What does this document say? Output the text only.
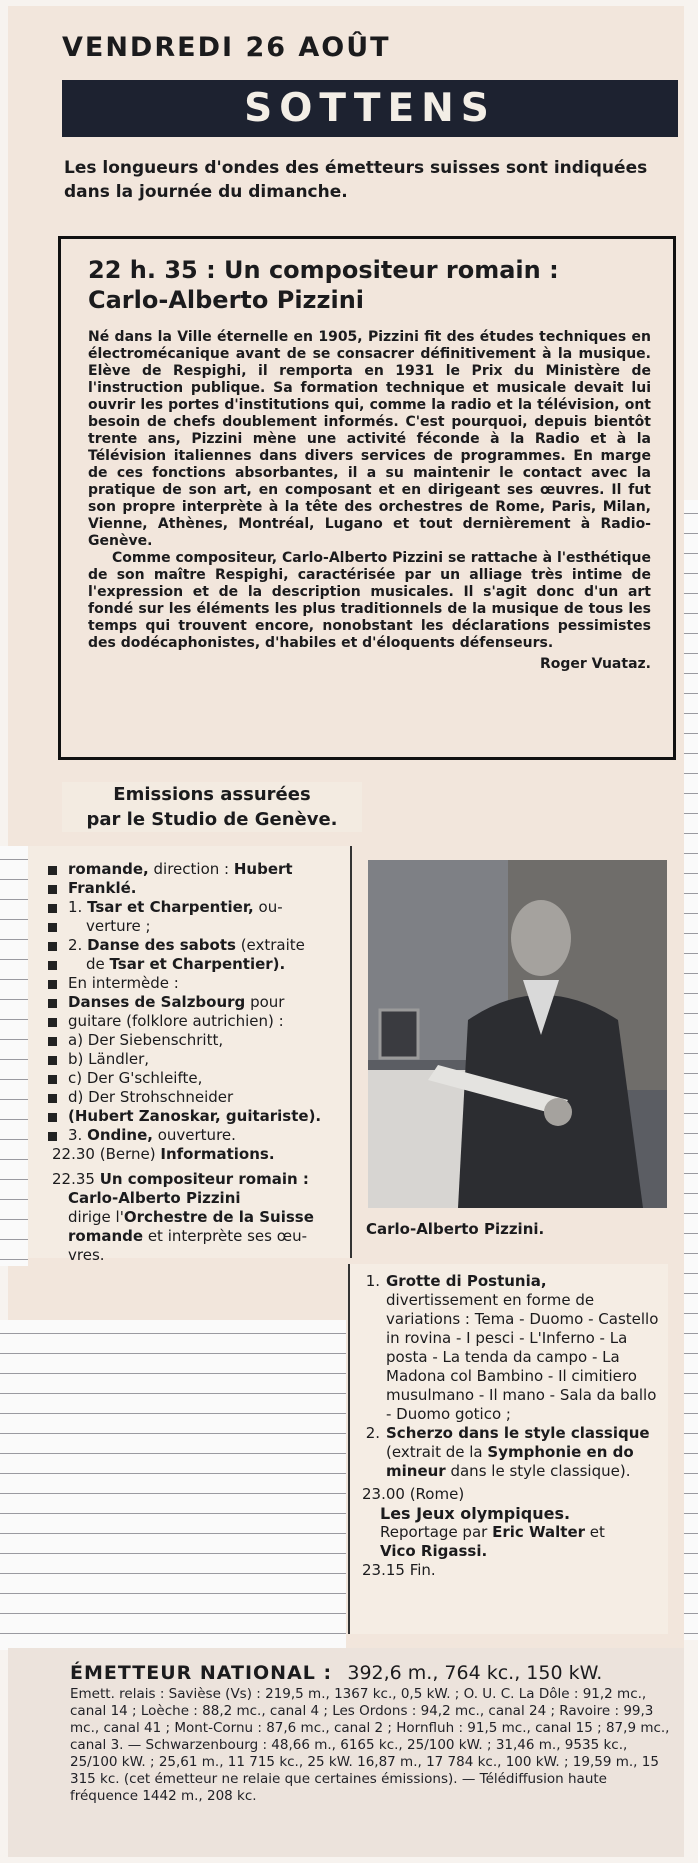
VENDREDI 26 AOÛT
SOTTENS
Les longueurs d'ondes des émetteurs suisses sont indiquées dans la journée du dimanche.
22 h. 35 : Un compositeur romain :
Carlo-Alberto Pizzini

Né dans la Ville éternelle en 1905, Pizzini fit des études techniques en électromécanique avant de se consacrer définitivement à la musique. Elève de Respighi, il remporta en 1931 le Prix du Ministère de l'instruction publique. Sa formation technique et musicale devait lui ouvrir les portes d'institutions qui, comme la radio et la télévision, ont besoin de chefs doublement informés. C'est pourquoi, depuis bientôt trente ans, Pizzini mène une activité féconde à la Radio et à la Télévision italiennes dans divers services de programmes. En marge de ces fonctions absorbantes, il a su maintenir le contact avec la pratique de son art, en composant et en dirigeant ses œuvres. Il fut son propre interprète à la tête des orchestres de Rome, Paris, Milan, Vienne, Athènes, Montréal, Lugano et tout dernièrement à Radio-Genève.

Comme compositeur, Carlo-Alberto Pizzini se rattache à l'esthétique de son maître Respighi, caractérisée par un alliage très intime de l'expression et de la description musicales. Il s'agit donc d'un art fondé sur les éléments les plus traditionnels de la musique de tous les temps qui trouvent encore, nonobstant les déclarations pessimistes des dodécaphonistes, d'habiles et d'éloquents défenseurs.

Roger Vuataz.
Emissions assurées
par le Studio de Genève.
romande, direction : Hubert
Franklé.
1. Tsar et Charpentier, ou-
verture ;
2. Danse des sabots (extraite
de Tsar et Charpentier).
En intermède :
Danses de Salzbourg pour
guitare (folklore autrichien) :
a) Der Siebenschritt,
b) Ländler,
c) Der G'schleifte,
d) Der Strohschneider
(Hubert Zanoskar, guitariste).
3. Ondine, ouverture.
22.30 (Berne) Informations.
22.35 Un compositeur romain :
Carlo-Alberto Pizzini
dirige l'Orchestre de la Suisse
romande et interprète ses œu-
vres.
Carlo-Alberto Pizzini.
1. Grotte di Postunia, divertissement en forme de variations : Tema - Duomo - Castello in rovina - I pesci - L'Inferno - La posta - La tenda da campo - La Madona col Bambino - Il cimitiero musulmano - Il mano - Sala da ballo - Duomo gotico ;
2. Scherzo dans le style classique (extrait de la Symphonie en do mineur dans le style classique).
23.00 (Rome)
Les Jeux olympiques.
Reportage par Eric Walter et
Vico Rigassi.
23.15 Fin.
ÉMETTEUR NATIONAL : 392,6 m., 764 kc., 150 kW.

Emett. relais : Savièse (Vs) : 219,5 m., 1367 kc., 0,5 kW. ; O. U. C. La Dôle : 91,2 mc., canal 14 ; Loèche : 88,2 mc., canal 4 ; Les Ordons : 94,2 mc., canal 24 ; Ravoire : 99,3 mc., canal 41 ; Mont-Cornu : 87,6 mc., canal 2 ; Hornfluh : 91,5 mc., canal 15 ; 87,9 mc., canal 3. — Schwarzenbourg : 48,66 m., 6165 kc., 25/100 kW. ; 31,46 m., 9535 kc., 25/100 kW. ; 25,61 m., 11 715 kc., 25 kW. 16,87 m., 17 784 kc., 100 kW. ; 19,59 m., 15 315 kc. (cet émetteur ne relaie que certaines émissions). — Télédiffusion haute fréquence 1442 m., 208 kc.
